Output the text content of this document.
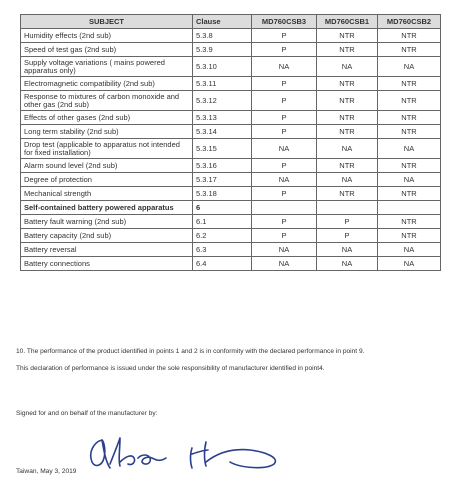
SUBJECT	Clause	MD760CSB3	MD760CSB1	MD760CSB2
Humidity effects (2nd sub)	5.3.8	P	NTR	NTR
Speed of test gas (2nd sub)	5.3.9	P	NTR	NTR
Supply voltage variations ( mains powered apparatus only)	5.3.10	NA	NA	NA
Electromagnetic compatibility (2nd sub)	5.3.11	P	NTR	NTR
Response to mixtures of carbon monoxide and other gas (2nd sub)	5.3.12	P	NTR	NTR
Effects of other gases (2nd sub)	5.3.13	P	NTR	NTR
Long term stability (2nd sub)	5.3.14	P	NTR	NTR
Drop test (applicable to apparatus not intended for fixed installation)	5.3.15	NA	NA	NA
Alarm sound level (2nd sub)	5.3.16	P	NTR	NTR
Degree of protection	5.3.17	NA	NA	NA
Mechanical strength	5.3.18	P	NTR	NTR
Self-contained battery powered apparatus	6			
Battery fault warning (2nd sub)	6.1	P	P	NTR
Battery capacity (2nd sub)	6.2	P	P	NTR
Battery reversal	6.3	NA	NA	NA
Battery connections	6.4	NA	NA	NA

10. The performance of the product identified in points 1 and 2 is in conformity with the declared performance in point 9.

This declaration of performance is issued under the sole responsibility of manufacturer identified in point4.

Signed for and on behalf of the manufacturer by:
Taiwan, May 3, 2019
